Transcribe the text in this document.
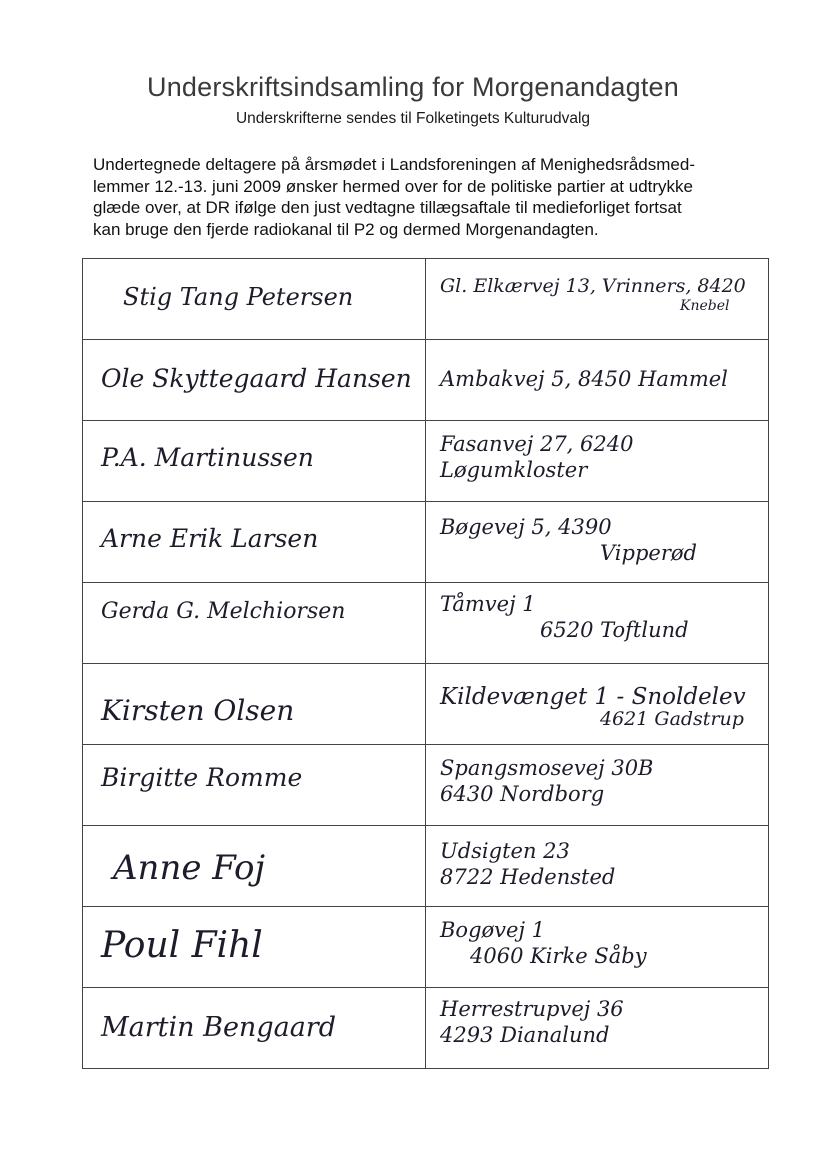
Underskriftsindsamling for Morgenandagten
Underskrifterne sendes til Folketingets Kulturudvalg
Undertegnede deltagere på årsmødet i Landsforeningen af Menighedsrådsmed-
lemmer 12.-13. juni 2009 ønsker hermed over for de politiske partier at udtrykke
glæde over, at DR ifølge den just vedtagne tillægsaftale til medieforliget fortsat
kan bruge den fjerde radiokanal til P2 og dermed Morgenandagten.
Stig Tang Petersen	Gl. Elkærvej 13, Vrinners, 8420
Knebel

Ole Skyttegaard Hansen	Ambakvej 5, 8450 Hammel

P.A. Martinussen	Fasanvej 27, 6240
Løgumkloster

Arne Erik Larsen	Bøgevej 5, 4390
Vipperød

Gerda G. Melchiorsen	Tåmvej 1
6520 Toftlund

Kirsten Olsen	Kildevænget 1 - Snoldelev
4621 Gadstrup

Birgitte Romme	Spangsmosevej 30B
6430 Nordborg

Anne Foj	Udsigten 23
8722 Hedensted

Poul Fihl	Bogøvej 1
4060 Kirke Såby

Martin Bengaard	Herrestrupvej 36
4293 Dianalund
